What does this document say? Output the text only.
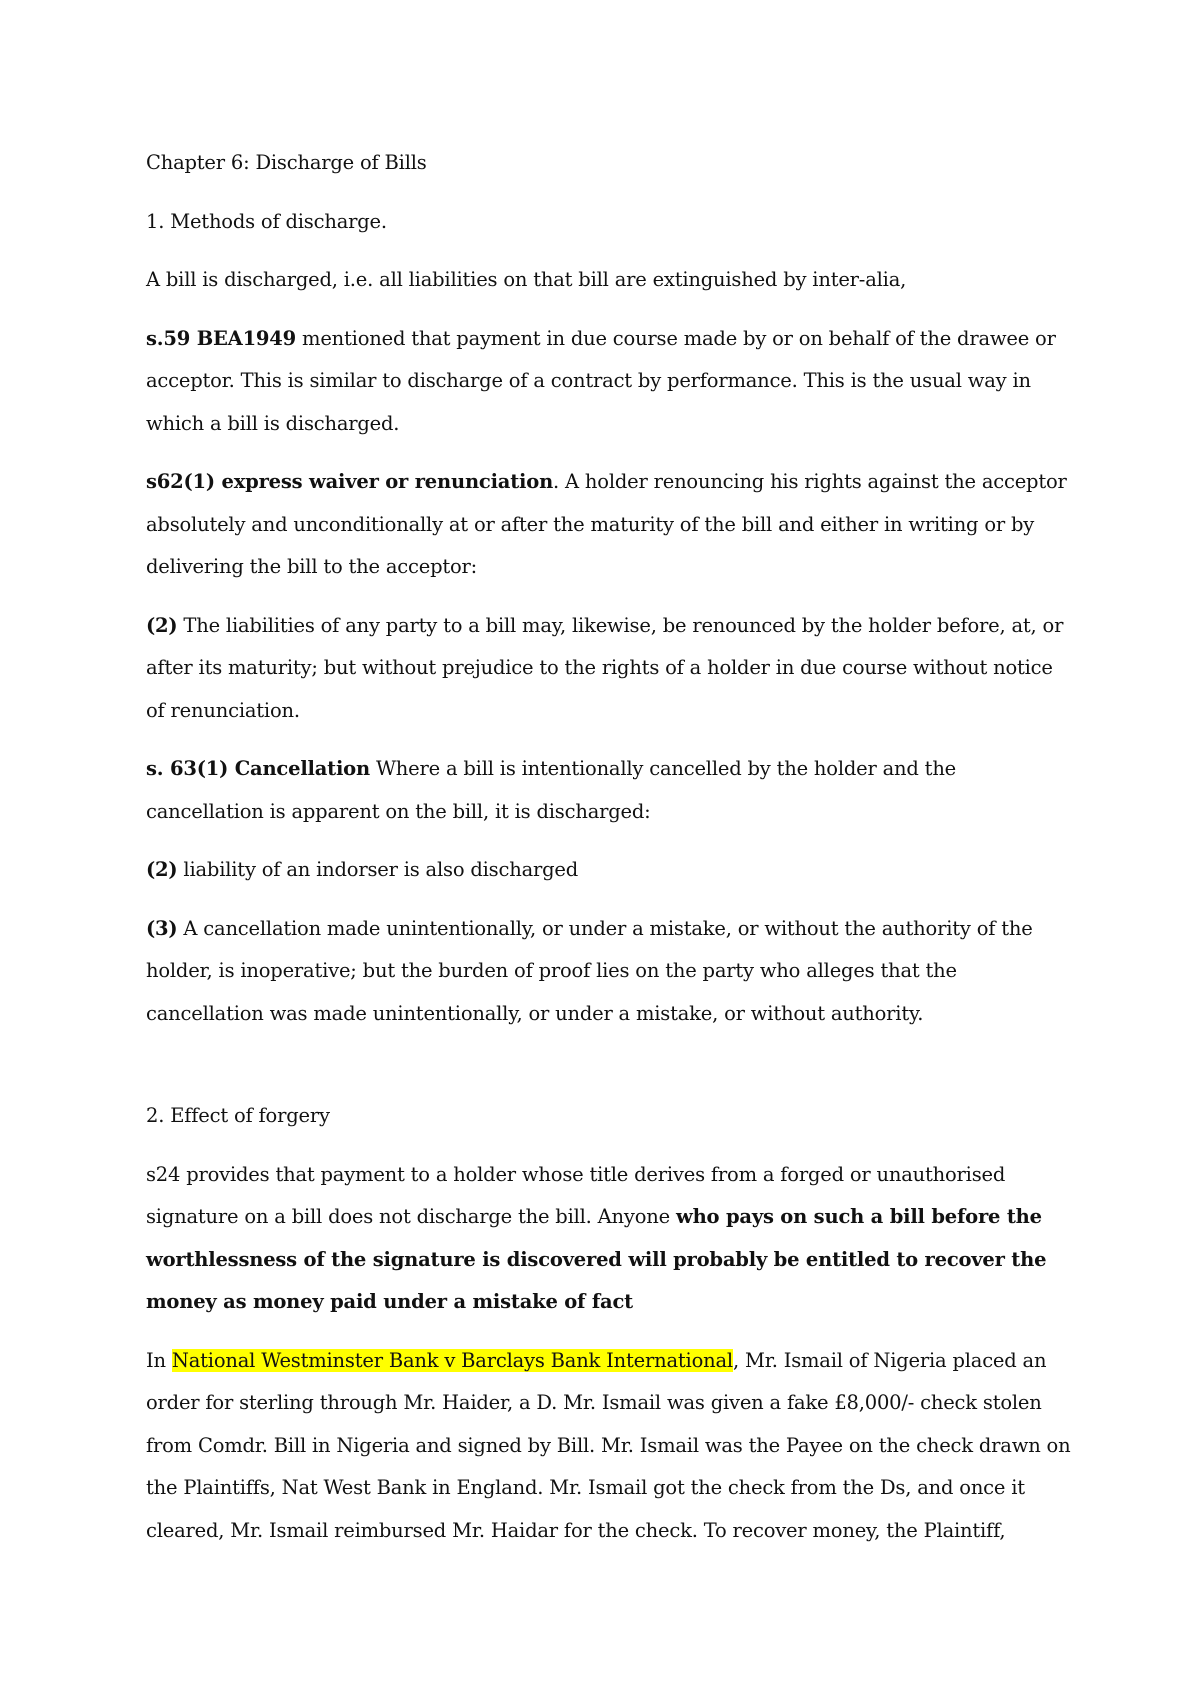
Chapter 6: Discharge of Bills

1. Methods of discharge.

A bill is discharged, i.e. all liabilities on that bill are extinguished by inter-alia,

s.59 BEA1949 mentioned that payment in due course made by or on behalf of the drawee or acceptor. This is similar to discharge of a contract by performance. This is the usual way in which a bill is discharged.

s62(1) express waiver or renunciation. A holder renouncing his rights against the acceptor absolutely and unconditionally at or after the maturity of the bill and either in writing or by delivering the bill to the acceptor:

(2) The liabilities of any party to a bill may, likewise, be renounced by the holder before, at, or after its maturity; but without prejudice to the rights of a holder in due course without notice of renunciation.

s. 63(1) Cancellation Where a bill is intentionally cancelled by the holder and the cancellation is apparent on the bill, it is discharged:

(2) liability of an indorser is also discharged

(3) A cancellation made unintentionally, or under a mistake, or without the authority of the holder, is inoperative; but the burden of proof lies on the party who alleges that the cancellation was made unintentionally, or under a mistake, or without authority.

2. Effect of forgery

s24 provides that payment to a holder whose title derives from a forged or unauthorised signature on a bill does not discharge the bill. Anyone who pays on such a bill before the worthlessness of the signature is discovered will probably be entitled to recover the money as money paid under a mistake of fact

In National Westminster Bank v Barclays Bank International, Mr. Ismail of Nigeria placed an order for sterling through Mr. Haider, a D. Mr. Ismail was given a fake £8,000/- check stolen from Comdr. Bill in Nigeria and signed by Bill. Mr. Ismail was the Payee on the check drawn on the Plaintiffs, Nat West Bank in England. Mr. Ismail got the check from the Ds, and once it cleared, Mr. Ismail reimbursed Mr. Haidar for the check. To recover money, the Plaintiff,
